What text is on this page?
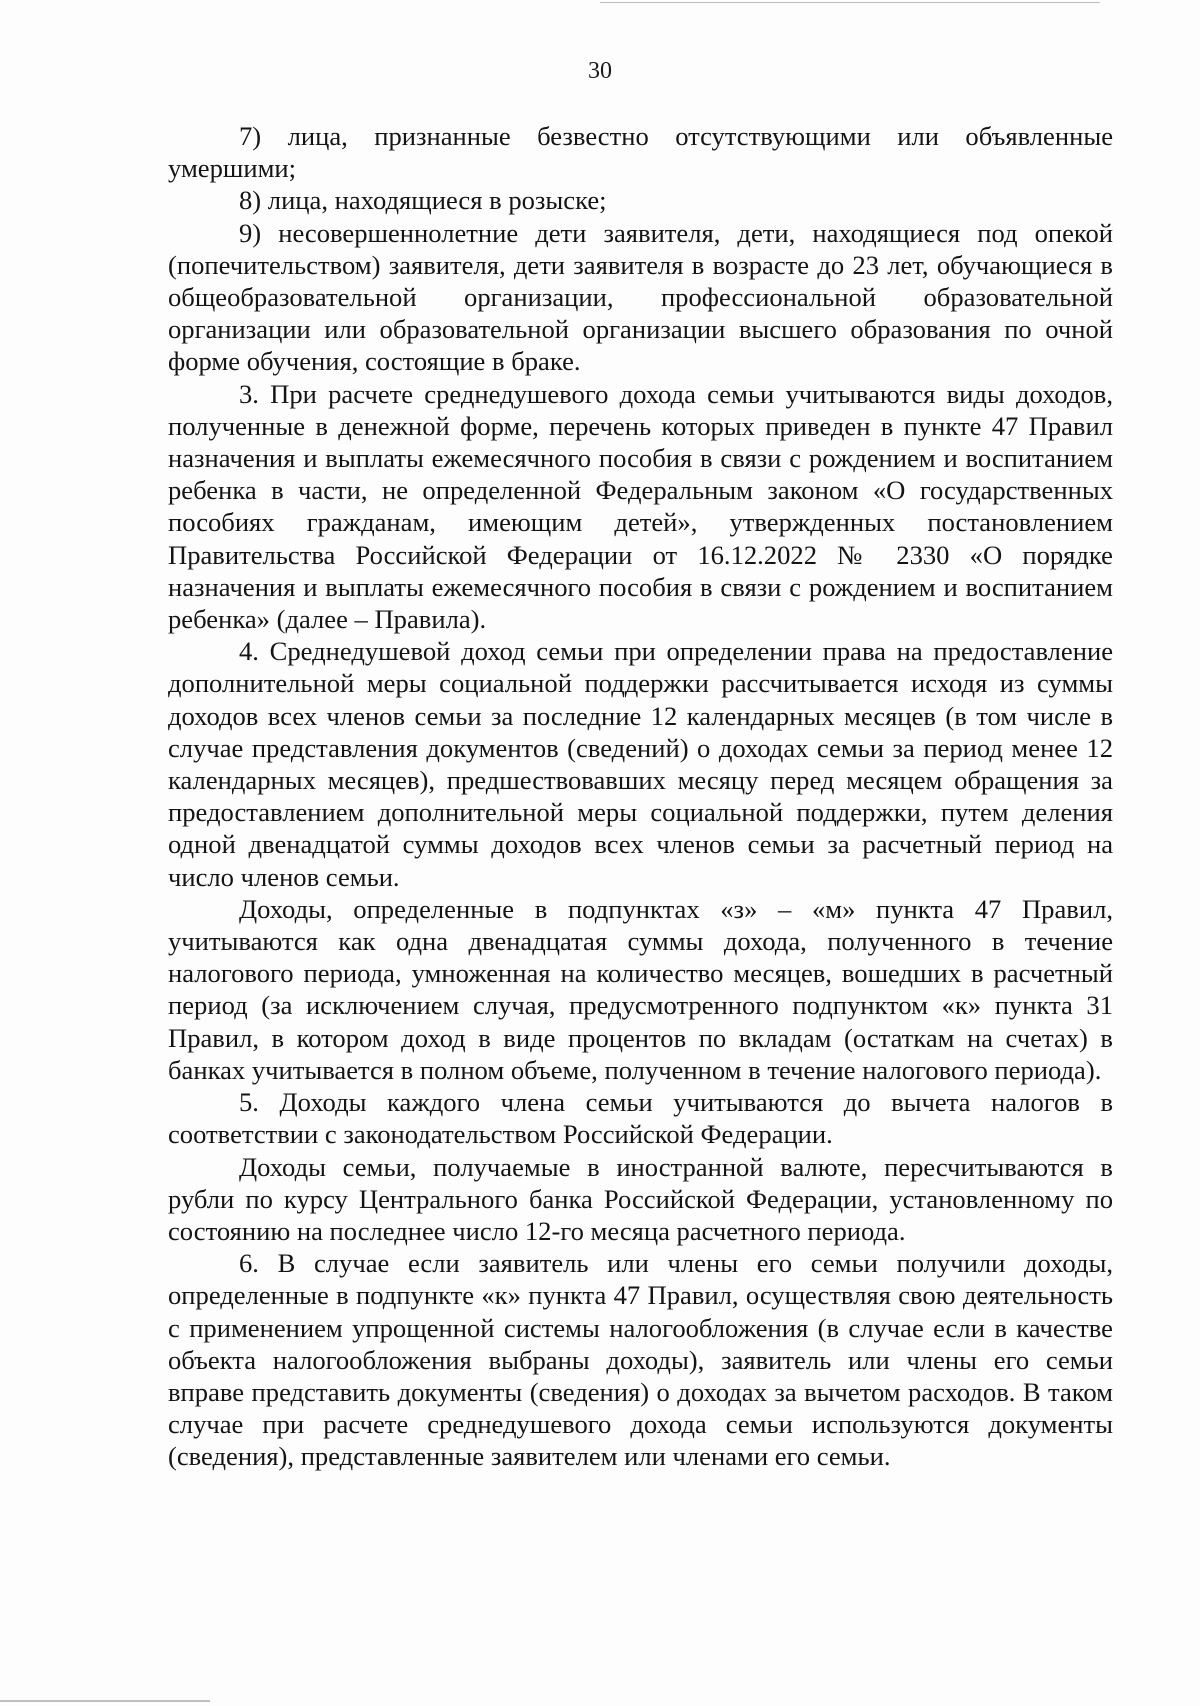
30

7) лица, признанные безвестно отсутствующими или объявленные умершими;

8) лица, находящиеся в розыске;

9) несовершеннолетние дети заявителя, дети, находящиеся под опекой (попечительством) заявителя, дети заявителя в возрасте до 23 лет, обучающиеся в общеобразовательной организации, профессиональной образовательной организации или образовательной организации высшего образования по очной форме обучения, состоящие в браке.

3. При расчете среднедушевого дохода семьи учитываются виды доходов, полученные в денежной форме, перечень которых приведен в пункте 47 Правил назначения и выплаты ежемесячного пособия в связи с рождением и воспитанием ребенка в части, не определенной Федеральным законом «О государственных пособиях гражданам, имеющим детей», утвержденных постановлением Правительства Российской Федерации от 16.12.2022 № 2330 «О порядке назначения и выплаты ежемесячного пособия в связи с рождением и воспитанием ребенка» (далее – Правила).

4. Среднедушевой доход семьи при определении права на предоставление дополнительной меры социальной поддержки рассчитывается исходя из суммы доходов всех членов семьи за последние 12 календарных месяцев (в том числе в случае представления документов (сведений) о доходах семьи за период менее 12 календарных месяцев), предшествовавших месяцу перед месяцем обращения за предоставлением дополнительной меры социальной поддержки, путем деления одной двенадцатой суммы доходов всех членов семьи за расчетный период на число членов семьи.

Доходы, определенные в подпунктах «з» – «м» пункта 47 Правил, учитываются как одна двенадцатая суммы дохода, полученного в течение налогового периода, умноженная на количество месяцев, вошедших в расчетный период (за исключением случая, предусмотренного подпунктом «к» пункта 31 Правил, в котором доход в виде процентов по вкладам (остаткам на счетах) в банках учитывается в полном объеме, полученном в течение налогового периода).

5. Доходы каждого члена семьи учитываются до вычета налогов в соответствии с законодательством Российской Федерации.

Доходы семьи, получаемые в иностранной валюте, пересчитываются в рубли по курсу Центрального банка Российской Федерации, установленному по состоянию на последнее число 12-го месяца расчетного периода.

6. В случае если заявитель или члены его семьи получили доходы, определенные в подпункте «к» пункта 47 Правил, осуществляя свою деятельность с применением упрощенной системы налогообложения (в случае если в качестве объекта налогообложения выбраны доходы), заявитель или члены его семьи вправе представить документы (сведения) о доходах за вычетом расходов. В таком случае при расчете среднедушевого дохода семьи используются документы (сведения), представленные заявителем или членами его семьи.
